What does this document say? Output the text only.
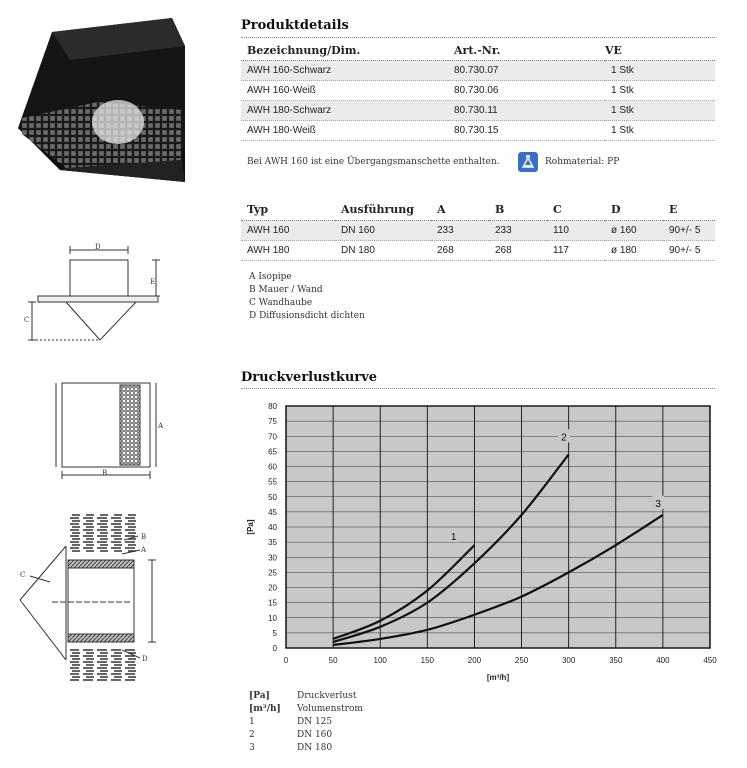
D
E
C
A
B
B
A
C
D
Produktdetails
Bezeichnung/Dim.	Art.-Nr.	VE
AWH 160-Schwarz	80.730.07	1 Stk
AWH 160-Weiß	80.730.06	1 Stk
AWH 180-Schwarz	80.730.11	1 Stk
AWH 180-Weiß	80.730.15	1 Stk
Bei AWH 160 ist eine Übergangsmanschette enthalten.	Rohmaterial: PP
Typ	Ausführung	A	B	C	D	E
AWH 160	DN 160	233	233	110	ø 160	90+/- 5
AWH 180	DN 180	268	268	117	ø 180	90+/- 5
A Isopipe
B Mauer / Wand
C Wandhaube
D Diffusionsdicht dichten
Druckverlustkurve
0
5
10
15
20
25
30
35
40
45
50
55
60
65
70
75
80
0	50	100	150	200	250	300	350	400	450
[m³/h]
[Pa]
1
2
3
[Pa]	Druckverlust
[m³/h]	Volumenstrom
1	DN 125
2	DN 160
3	DN 180
